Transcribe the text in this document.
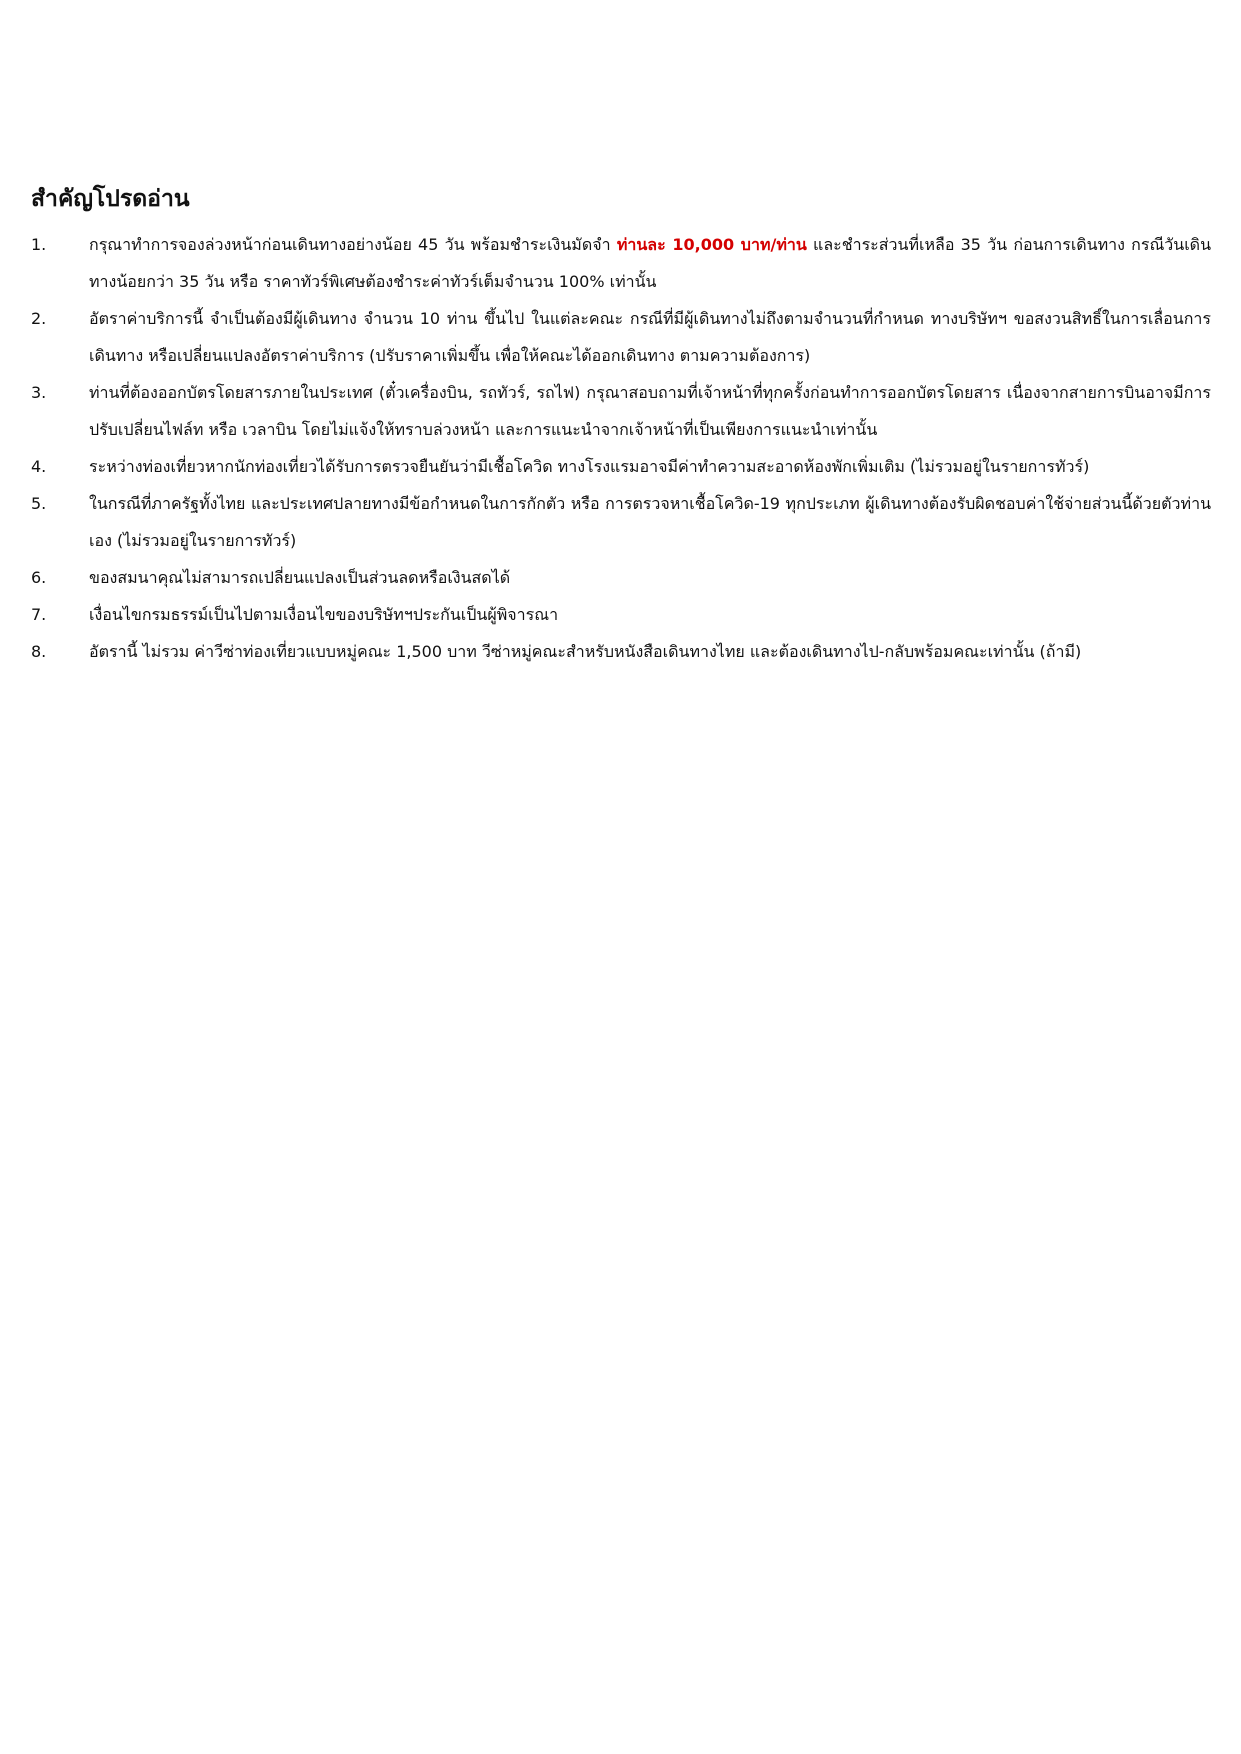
สำคัญโปรดอ่าน
1.	กรุณาทำการจองล่วงหน้าก่อนเดินทางอย่างน้อย 45 วัน พร้อมชำระเงินมัดจำ ท่านละ 10,000 บาท/ท่าน และชำระส่วนที่เหลือ 35 วัน ก่อนการเดินทาง กรณีวันเดินทางน้อยกว่า 35 วัน หรือ ราคาทัวร์พิเศษต้องชำระค่าทัวร์เต็มจำนวน 100% เท่านั้น
2.	อัตราค่าบริการนี้ จำเป็นต้องมีผู้เดินทาง จำนวน 10 ท่าน ขึ้นไป ในแต่ละคณะ กรณีที่มีผู้เดินทางไม่ถึงตามจำนวนที่กำหนด ทางบริษัทฯ ขอสงวนสิทธิ์ในการเลื่อนการเดินทาง หรือเปลี่ยนแปลงอัตราค่าบริการ (ปรับราคาเพิ่มขึ้น เพื่อให้คณะได้ออกเดินทาง ตามความต้องการ)
3.	ท่านที่ต้องออกบัตรโดยสารภายในประเทศ (ตั๋วเครื่องบิน, รถทัวร์, รถไฟ) กรุณาสอบถามที่เจ้าหน้าที่ทุกครั้งก่อนทำการออกบัตรโดยสาร เนื่องจากสายการบินอาจมีการปรับเปลี่ยนไฟล์ท หรือ เวลาบิน โดยไม่แจ้งให้ทราบล่วงหน้า และการแนะนำจากเจ้าหน้าที่เป็นเพียงการแนะนำเท่านั้น
4.	ระหว่างท่องเที่ยวหากนักท่องเที่ยวได้รับการตรวจยืนยันว่ามีเชื้อโควิด ทางโรงแรมอาจมีค่าทำความสะอาดห้องพักเพิ่มเติม (ไม่รวมอยู่ในรายการทัวร์)
5.	ในกรณีที่ภาครัฐทั้งไทย และประเทศปลายทางมีข้อกำหนดในการกักตัว หรือ การตรวจหาเชื้อโควิด-19 ทุกประเภท ผู้เดินทางต้องรับผิดชอบค่าใช้จ่ายส่วนนี้ด้วยตัวท่านเอง (ไม่รวมอยู่ในรายการทัวร์)
6.	ของสมนาคุณไม่สามารถเปลี่ยนแปลงเป็นส่วนลดหรือเงินสดได้
7.	เงื่อนไขกรมธรรม์เป็นไปตามเงื่อนไขของบริษัทฯประกันเป็นผู้พิจารณา
8.	อัตรานี้ ไม่รวม ค่าวีซ่าท่องเที่ยวแบบหมู่คณะ 1,500 บาท วีซ่าหมู่คณะสำหรับหนังสือเดินทางไทย และต้องเดินทางไป-กลับพร้อมคณะเท่านั้น (ถ้ามี)
